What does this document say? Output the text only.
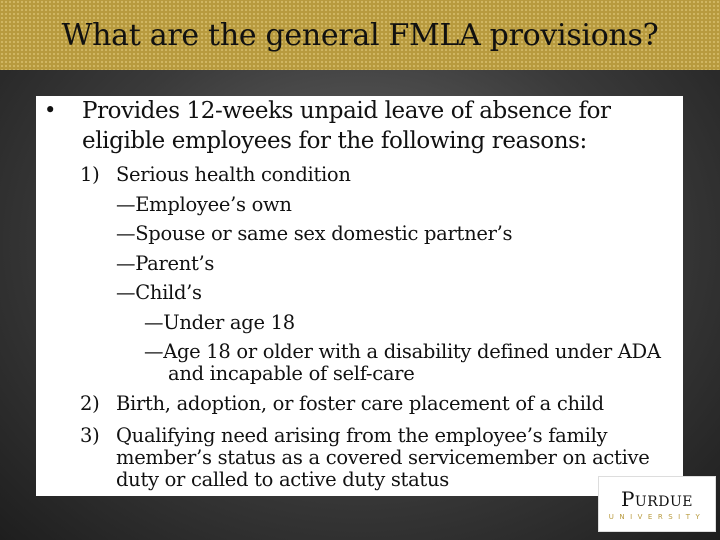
What are the general FMLA provisions?
• Provides 12-weeks unpaid leave of absence for eligible employees for the following reasons:
1) Serious health condition
—Employee’s own
—Spouse or same sex domestic partner’s
—Parent’s
—Child’s
—Under age 18
—Age 18 or older with a disability defined under ADA and incapable of self-care
2) Birth, adoption, or foster care placement of a child
3) Qualifying need arising from the employee’s family member’s status as a covered servicemember on active duty or called to active duty status
Purdue
UNIVERSITY
